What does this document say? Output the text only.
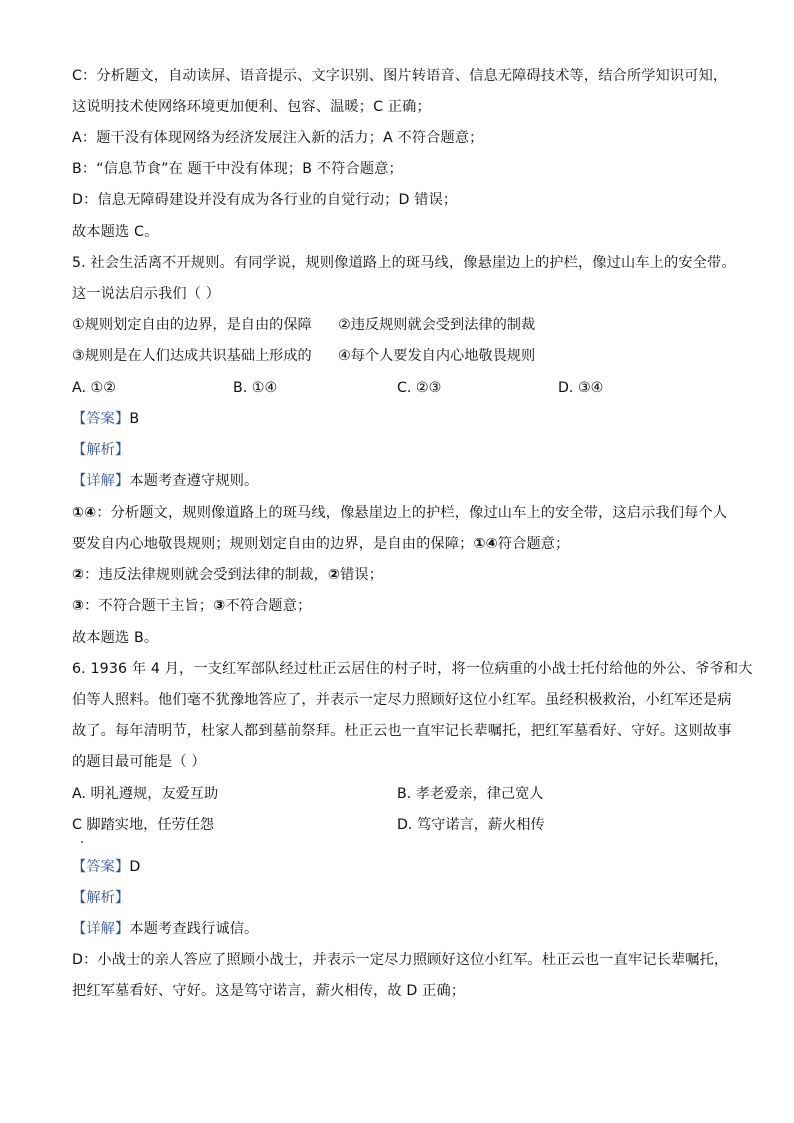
C：分析题文，自动读屏、语音提示、文字识别、图片转语音、信息无障碍技术等，结合所学知识可知，
这说明技术使网络环境更加便利、包容、温暖；C 正确；
A：题干没有体现网络为经济发展注入新的活力；A 不符合题意；
B：“信息节食”在 题干中没有体现；B 不符合题意；
D：信息无障碍建设并没有成为各行业的自觉行动；D 错误；
故本题选 C。
5. 社会生活离不开规则。有同学说，规则像道路上的斑马线，像悬崖边上的护栏，像过山车上的安全带。
这一说法启示我们（ ）
①规则划定自由的边界，是自由的保障 ②违反规则就会受到法律的制裁
③规则是在人们达成共识基础上形成的 ④每个人要发自内心地敬畏规则
A. ①②	B. ①④	C. ②③	D. ③④
【答案】B
【解析】
【详解】本题考查遵守规则。
①④：分析题文，规则像道路上的斑马线，像悬崖边上的护栏，像过山车上的安全带，这启示我们每个人
要发自内心地敬畏规则；规则划定自由的边界，是自由的保障；①④符合题意；
②：违反法律规则就会受到法律的制裁，②错误；
③：不符合题干主旨；③不符合题意；
故本题选 B。
6. 1936 年 4 月，一支红军部队经过杜正云居住的村子时，将一位病重的小战士托付给他的外公、爷爷和大
伯等人照料。他们毫不犹豫地答应了，并表示一定尽力照顾好这位小红军。虽经积极救治，小红军还是病
故了。每年清明节，杜家人都到墓前祭拜。杜正云也一直牢记长辈嘱托，把红军墓看好、守好。这则故事
的题目最可能是（ ）
A. 明礼遵规，友爱互助	B. 孝老爱亲，律己宽人
C 脚踏实地，任劳任怨	D. 笃守诺言，薪火相传
【答案】D
【解析】
【详解】本题考查践行诚信。
D：小战士的亲人答应了照顾小战士，并表示一定尽力照顾好这位小红军。杜正云也一直牢记长辈嘱托，
把红军墓看好、守好。这是笃守诺言，薪火相传，故 D 正确；
